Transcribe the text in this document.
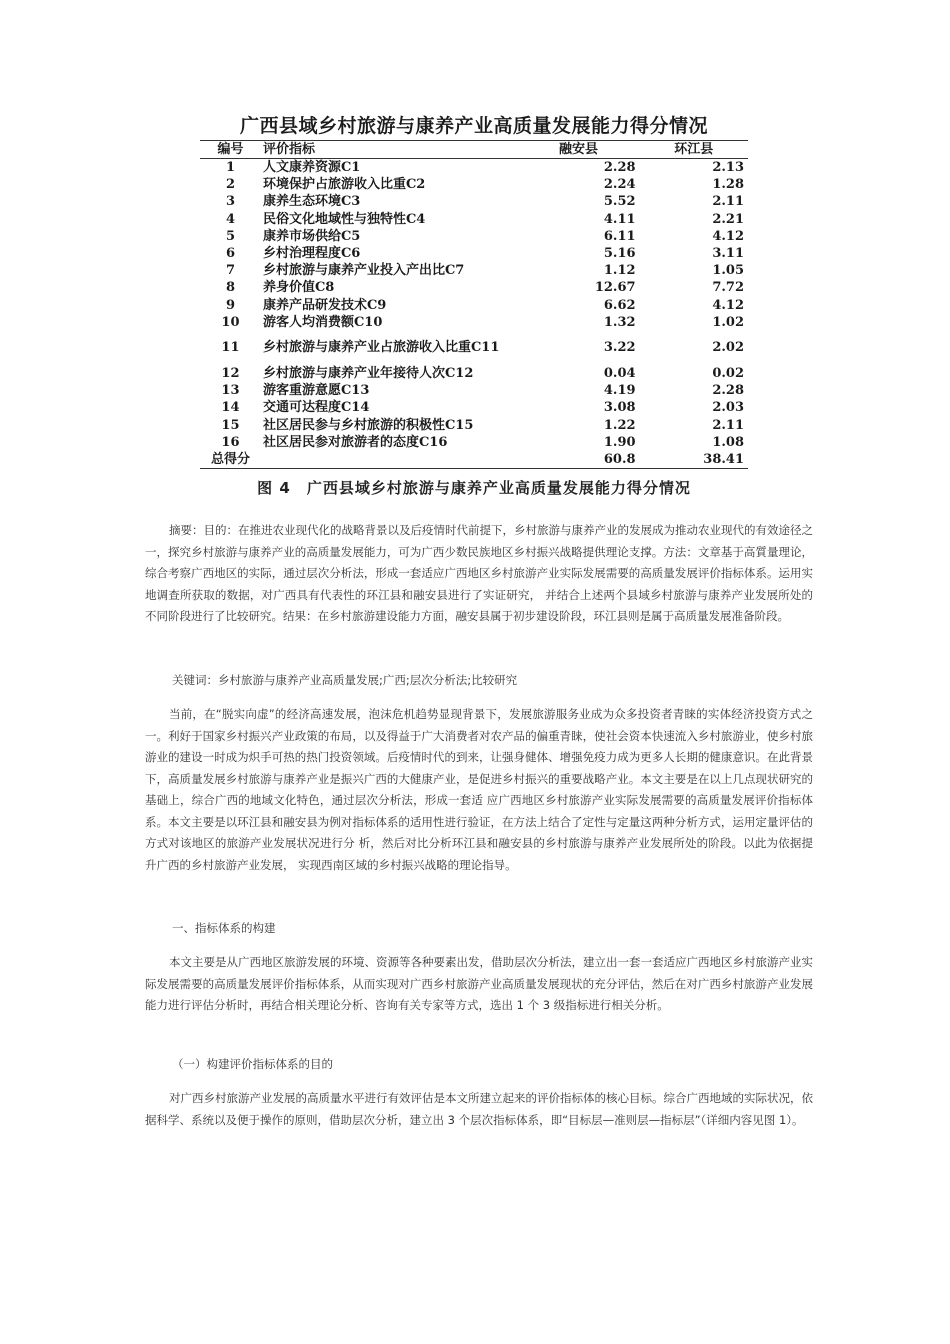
广西县域乡村旅游与康养产业高质量发展能力得分情况
编号	评价指标	融安县	环江县
1	人文康养资源C1	2.28	2.13
2	环境保护占旅游收入比重C2	2.24	1.28
3	康养生态环境C3	5.52	2.11
4	民俗文化地域性与独特性C4	4.11	2.21
5	康养市场供给C5	6.11	4.12
6	乡村治理程度C6	5.16	3.11
7	乡村旅游与康养产业投入产出比C7	1.12	1.05
8	养身价值C8	12.67	7.72
9	康养产品研发技术C9	6.62	4.12
10	游客人均消费额C10	1.32	1.02
11	乡村旅游与康养产业占旅游收入比重C11	3.22	2.02
12	乡村旅游与康养产业年接待人次C12	0.04	0.02
13	游客重游意愿C13	4.19	2.28
14	交通可达程度C14	3.08	2.03
15	社区居民参与乡村旅游的积极性C15	1.22	2.11
16	社区居民参对旅游者的态度C16	1.90	1.08
总得分		60.8	38.41
图 4　广西县域乡村旅游与康养产业高质量发展能力得分情况

摘要：目的：在推进农业现代化的战略背景以及后疫情时代前提下，乡村旅游与康养产业的发展成为推动农业现代的有效途径之一，探究乡村旅游与康养产业的高质量发展能力，可为广西少数民族地区乡村振兴战略提供理论支撑。方法：文章基于高質量理论，综合考察广西地区的实际，通过层次分析法，形成一套适应广西地区乡村旅游产业实际发展需要的高质量发展评价指标体系。运用实地调查所获取的数据，对广西具有代表性的环江县和融安县进行了实证研究， 并结合上述两个县域乡村旅游与康养产业发展所处的不同阶段进行了比较研究。结果：在乡村旅游建设能力方面，融安县属于初步建设阶段，环江县则是属于高质量发展准备阶段。

关键词：乡村旅游与康养产业高质量发展;广西;层次分析法;比较研究

当前，在“脱实向虚”的经济高速发展，泡沫危机趋势显现背景下，发展旅游服务业成为众多投资者青睐的实体经济投资方式之一。利好于国家乡村振兴产业政策的布局，以及得益于广大消费者对农产品的偏重青睐，使社会资本快速流入乡村旅游业，使乡村旅游业的建设一时成为炽手可热的热门投资领域。后疫情时代的到来，让强身健体、增强免疫力成为更多人长期的健康意识。在此背景下，高质量发展乡村旅游与康养产业是振兴广西的大健康产业，是促进乡村振兴的重要战略产业。本文主要是在以上几点现状研究的基础上，综合广西的地域文化特色，通过层次分析法，形成一套适 应广西地区乡村旅游产业实际发展需要的高质量发展评价指标体系。本文主要是以环江县和融安县为例对指标体系的适用性进行验证，在方法上结合了定性与定量这两种分析方式，运用定量评估的方式对该地区的旅游产业发展状况进行分 析，然后对比分析环江县和融安县的乡村旅游与康养产业发展所处的阶段。以此为依据提升广西的乡村旅游产业发展， 实现西南区域的乡村振兴战略的理论指导。

一、指标体系的构建

本文主要是从广西地区旅游发展的环境、资源等各种要素出发，借助层次分析法，建立出一套一套适应广西地区乡村旅游产业实际发展需要的高质量发展评价指标体系，从而实现对广西乡村旅游产业高质量发展现状的充分评估，然后在对广西乡村旅游产业发展能力进行评估分析时，再结合相关理论分析、咨询有关专家等方式，选出 1 个 3 级指标进行相关分析。

（一）构建评价指标体系的目的

对广西乡村旅游产业发展的高质量水平进行有效评估是本文所建立起来的评价指标体的核心目标。综合广西地域的实际状况，依据科学、系统以及便于操作的原则，借助层次分析，建立出 3 个层次指标体系，即“目标层—准则层—指标层”（详细内容见图 1）。
